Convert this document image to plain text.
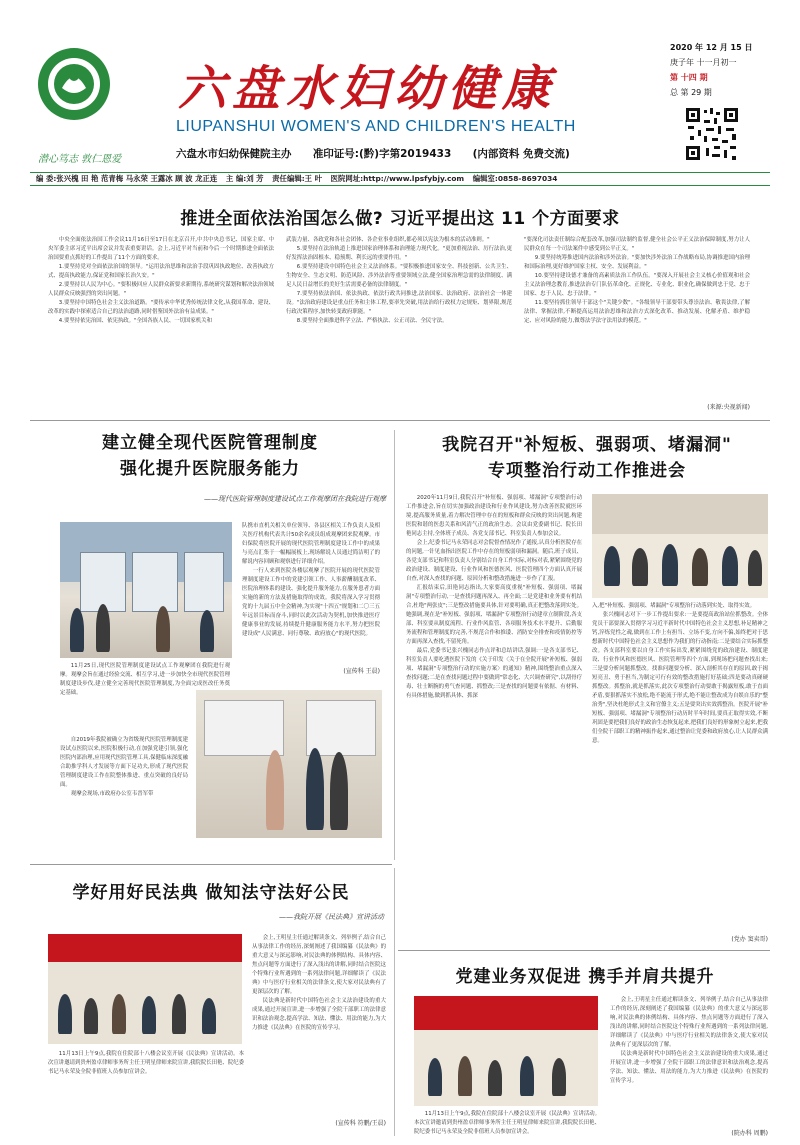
潜心笃志 敦仁恩爱
六盘水妇幼健康
LIUPANSHUI WOMEN'S AND CHILDREN'S HEALTH
六盘水市妇幼保健院主办 准印证号:(黔)字第2019433 (内部资料 免费交流)
2020 年 12 月 15 日
庚子年 十一月初一
第 十四 期
总 第 29 期
编 委:张兴槐 田 艳 范青梅 马永荣 王露冰 顾 波 龙正连 主 编:刘 芳 责任编辑:王 叶 医院网址:http://www.lpsfybjy.com 编辑室:0858-8697034
推进全面依法治国怎么做? 习近平提出这 11 个方面要求

中央全面依法治国工作会议11月16日至17日在北京召开,中共中央总书记、国家主席、中央军委主席习近平出席会议并发表重要讲话。会上,习近平对当前和今后一个时期推进全面依法治国要重点抓好的工作提出了11个方面的要求。

1.要坚持党对全面依法治国的领导。"运用法治思维和法治手段巩固执政地位、改善执政方式、提高执政能力,保证党和国家长治久安。"

2.要坚持以人民为中心。"要积极回应人民群众新要求新期待,系统研究谋划和解决法治领域人民群众反映强烈的突出问题。"

3.要坚持中国特色社会主义法治道路。"要传承中华优秀传统法律文化,从我国革命、建设、改革的实践中探索适合自己的法治道路,同时借鉴国外法治有益成果。"

4.要坚持依宪治国、依宪执政。"全国各族人民、一切国家机关和

武装力量、各政党和各社会团体、各企业事业组织,都必须以宪法为根本的活动准则。"

5.要坚持在法治轨道上推进国家治理体系和治理能力现代化。"更加重视法治、厉行法治,更好发挥法治固根本、稳预期、利长远的重要作用。"

6.要坚持建设中国特色社会主义法治体系。"要积极推进国家安全、科技创新、公共卫生、生物安全、生态文明、防范风险、涉外法治等重要领域立法,健全国家治理急需的法律制度、满足人民日益增长的美好生活需要必备的法律制度。"

7.要坚持依法治国、依法执政、依法行政共同推进,法治国家、法治政府、法治社会一体建设。"法治政府建设是重点任务和主体工程,要率先突破,用法治给行政权力定规矩、划界限,规范行政决策程序,加快转变政府职能。"

8.要坚持全面推进科学立法、严格执法、公正司法、全民守法。

"要深化司法责任制综合配套改革,加强司法制约监督,健全社会公平正义法治保障制度,努力让人民群众在每一个司法案件中感受到公平正义。"

9.要坚持统筹推进国内法治和涉外法治。"要加快涉外法治工作战略布局,协调推进国内治理和国际治理,更好维护国家主权、安全、发展利益。"

10.要坚持建设德才兼备的高素质法治工作队伍。"要深入开展社会主义核心价值观和社会主义法治理念教育,推进法治专门队伍革命化、正规化、专业化、职业化,确保做到忠于党、忠于国家、忠于人民、忠于法律。"

11.要坚持抓住领导干部这个"关键少数"。"各级领导干部要带头尊崇法治、敬畏法律,了解法律、掌握法律,不断提高运用法治思维和法治方式深化改革、推动发展、化解矛盾、维护稳定、应对风险的能力,做尊法学法守法用法的模范。"

(来源:央视新闻)
建立健全现代医院管理制度
强化提升医院服务能力
——现代医院管理制度建设试点工作观摩团在我院进行观摩
11月25日,现代医院管理制度建设试点工作观摩团在我院进行观摩。观摩会旨在通过经验交流、相互学习,进一步加快全市现代医院管理制度建设步伐,建立健全完善现代医院管理制度,为全面完成医改任务奠定基础。

队携市直机关相关单位领导、各县区相关工作负责人及相关医疗机构代表共计50余名成员组成观摩团来院观摩。市妇保院将医院开展的现代医院管理制度建设工作中的成果与亮点汇集于一幅幅展板上,现场解说人员通过简洁明了的解说内容回顾和观察进行详细介绍。

一行人来到医院各楼层观摩了医院开展的现代医院管理制度建设工作中的党建引领工作、人事薪酬制度改革、医院治理体系的建设、强化提升服务能力,在服务患者方面实施的新的方法及措施取得的成效。我院将深入学习贯彻党的十九届五中全会精神,为实现"十四五"规划和二〇三五年远景目标而奋斗,同时以此次活动为契机,加快推进医疗健康事业的发展,持续提升健康服务能力水平,努力把医院建设成"人民满意、同行尊敬、政府放心"的现代医院。

(宣传科 王晨)

自2019年我院被确立为省级现代医院管理制度建设试点医院以来,医院积极行动,在加强党建引领,强化医院内部治理,应用现代医院管理工具,保健临床深度融合助推学科人才发展等方面下足功夫,形成了现代医院管理制度建设工作在院整体推进、重点突破的良好局面。

观摩会现场,市政府办公室韦晋军带

我院召开"补短板、强弱项、堵漏洞"
专项整治行动工作推进会

2020年11月9日,我院召开"补短板、强弱项、堵漏洞"专项整治行动工作推进会,旨在切实加强政治建设和行业作风建设,努力改善医院就医环境,提高服务质量,着力解决管理中存在的短板和群众反映的突出问题,构建医院和谐的医患关系和风清气正的政治生态。会议由党委副书记、院长田艳同志主持,全体班子成员、各党支部书记、科室负责人参加会议。

会上,纪委书记马永荣同志对会院督查情况作了通报,认真分析医院存在的问题,一针见血指出医院工作中存在的短板弱项和漏洞。随后,班子成员、各党支部书记和科室负责人分别结合自身工作实际,对标对表,紧紧围绕党的政治建设、制度建设、行业作风和医德医风、医院管理四个方面认真开展自查,对深入查找的问题、原因分析和整改措施进一步作了汇报。

汇报结束后,田艳同志指出,大家要高度重视"补短板、强弱项、堵漏洞"专项整治行动,一是查找问题再深入、再全面;二是党建和业务要有机结合,杜绝"两张皮";三是整改措施要具体,针对要明确,真正把整改落到实处。她强调,现在是"补短板、强弱项、堵漏洞"专项整治行动建章立制阶段,各支部、科室要从制度流程、行业作风监管、各项服务技术水平提升、后勤服务流程和管理制度的完善,不规范合作和推诿、消防安全排查和疫情防控等方面再深入查找,不留死角。

最后,党委书记张兴槐同志作点评和总结讲话,强调:一是各支部书记、科室负责人要吃透医院下发的《关于印发〈关于在全院开展"补短板、强弱项、堵漏洞"专项整治行动的实施方案〉的通知》精神,围绕整治重点深入查找问题;二是在查找问题过程中要做到"常态化、大兴调查研究",以刮骨疗毒、壮士断腕的勇气查问题、抓整改;三是查找的问题要有依据、有材料、有具体措施,做到抓具体、抓深

入,把"补短板、强弱项、堵漏洞"专项整治行动落到实处、取得实效。

张兴槐同志对下一步工作提出要求:一是要提高政治站位抓整改。全体党员干部要深入贯彻学习习近平新时代中国特色社会主义思想,补足精神之钙,淬炼党性之魂,做到在工作上有担当、立场不变,方向不偏,始终把对于思想新时代中国特色社会主义思想作为我们的行动指南;二是要结合实际抓整改。各支部科室要以自身工作实际出发,紧紧围绕党的政治建设、制度建设、行业作风和医德医风、医院管理等四个方面,到现场把问题查找出来;三是要分析问题抓整改。找准问题要分析、深入剖析其存在的原因,敢于揭短亮丑、勇于担当,为制定可行有效的整改措施打好基础;四是要动真碰硬抓整改。抓整治,就是抓落实,此次专项整治行动要敢于揭露短板,敢于直面矛盾,要狠抓落实不放松,绝不能流于形式,绝不能让整改成为自娱自乐的"整治秀",坚决杜绝形式主义和官僚主义;五是要突出实效抓整治。医院开展"补短板、强弱项、堵漏洞"专项整治行动历时半年时间,要真正取得实效,不断巩固是要把我们良好的政治生态恢复起来,把我们良好的形象树立起来,把我们全院干部职工的精神振作起来,通过整治让党委和政府放心,让人民群众满意。

(党办 窦卖哥)
学好用好民法典 做知法守法好公民
——我院开展《民法典》宣讲活动
11月13日上午9点,我院在住院部十八楼会议室开展《民法典》宣讲活动。本次宣讲邀请到贵州盈卓律师事务所主任王明星律师来院宣讲,我院院长田艳、院纪委书记马永荣及全院非值班人员参加宣讲会。

会上,王明星主任通过解读条文、列举例子,结合自己从事法律工作的经历,深刻阐述了我国编纂《民法典》的重大意义与深远影响,对民法典的体例结构、具体内容、焦点问题等方面进行了深入浅出的讲解,同时结合医院这个特殊行业所遇到的一系列法律问题,详细解读了《民法典》中与医疗行业相关的法律条文,使大家对民法典有了更深层次的了解。

民法典是新时代中国特色社会主义法治建设的重大成果,通过开展宣讲,进一步增强了全院干部职工的法律意识和法治观念,提高学法、知法、懂法、用法的能力,为大力推进《民法典》在医院的宣传学习。

(宣传科 符鹏/王晨)
党建业务双促进 携手并肩共提升
11月13日上午9点,我院在住院部十八楼会议室开展《民法典》宣讲活动。本次宣讲邀请到贵州盈卓律师事务所主任王明星律师来院宣讲,我院院长田艳、院纪委书记马永荣及全院非值班人员参加宣讲会。

会上,王明星主任通过解读条文、列举例子,结合自己从事法律工作的经历,深刻阐述了我国编纂《民法典》的重大意义与深远影响,对民法典的体例结构、具体内容、焦点问题等方面进行了深入浅出的讲解,同时结合医院这个特殊行业所遇到的一系列法律问题,详细解读了《民法典》中与医疗行业相关的法律条文,使大家对民法典有了更深层次的了解。

民法典是新时代中国特色社会主义法治建设的重大成果,通过开展宣讲,进一步增强了全院干部职工的法律意识和法治观念,提高学法、知法、懂法、用法的能力,为大力推进《民法典》在医院的宣传学习。

(院办科 周鹏)
